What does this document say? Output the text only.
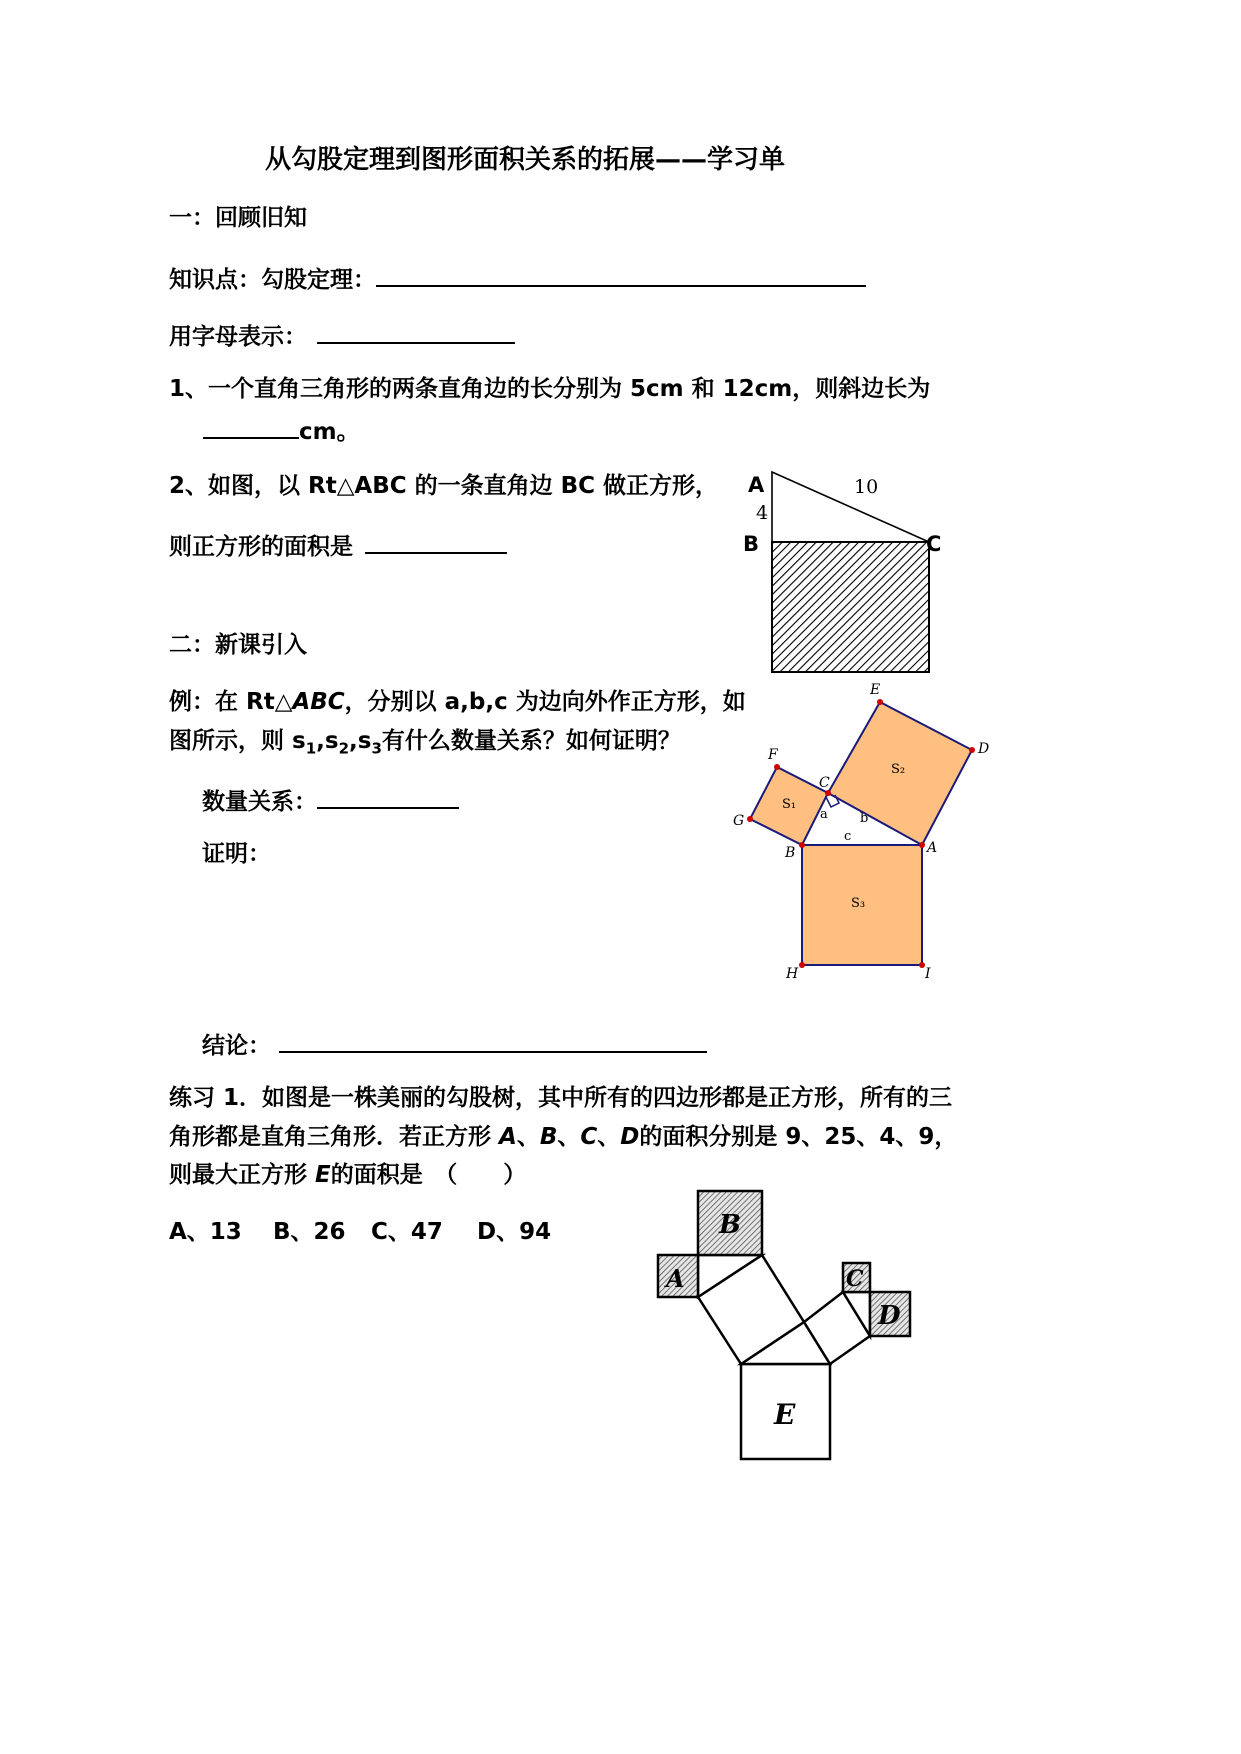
从勾股定理到图形面积关系的拓展——学习单
一：回顾旧知
知识点：勾股定理：
用字母表示：
1、一个直角三角形的两条直角边的长分别为 5cm 和 12cm，则斜边长为
cm。
2、如图，以 Rt△ABC 的一条直角边 BC 做正方形，
则正方形的面积是
二：新课引入
例：在 Rt△ABC，分别以 a,b,c 为边向外作正方形，如
图所示，则 $s_1,s_2,s_3$有什么数量关系？如何证明？
数量关系：
证明：
结论：
练习 1．如图是一株美丽的勾股树，其中所有的四边形都是正方形，所有的三
角形都是直角三角形．若正方形 A、B、C、D的面积分别是 9、25、4、9，
则最大正方形 E的面积是　（　　）
A、13 B、26 C、47 D、94
A
B	C
4
10
E
D
F
C
G
B	A
H	I
a b
c
S₁
S₂
S₃
A
B
C
D
E
